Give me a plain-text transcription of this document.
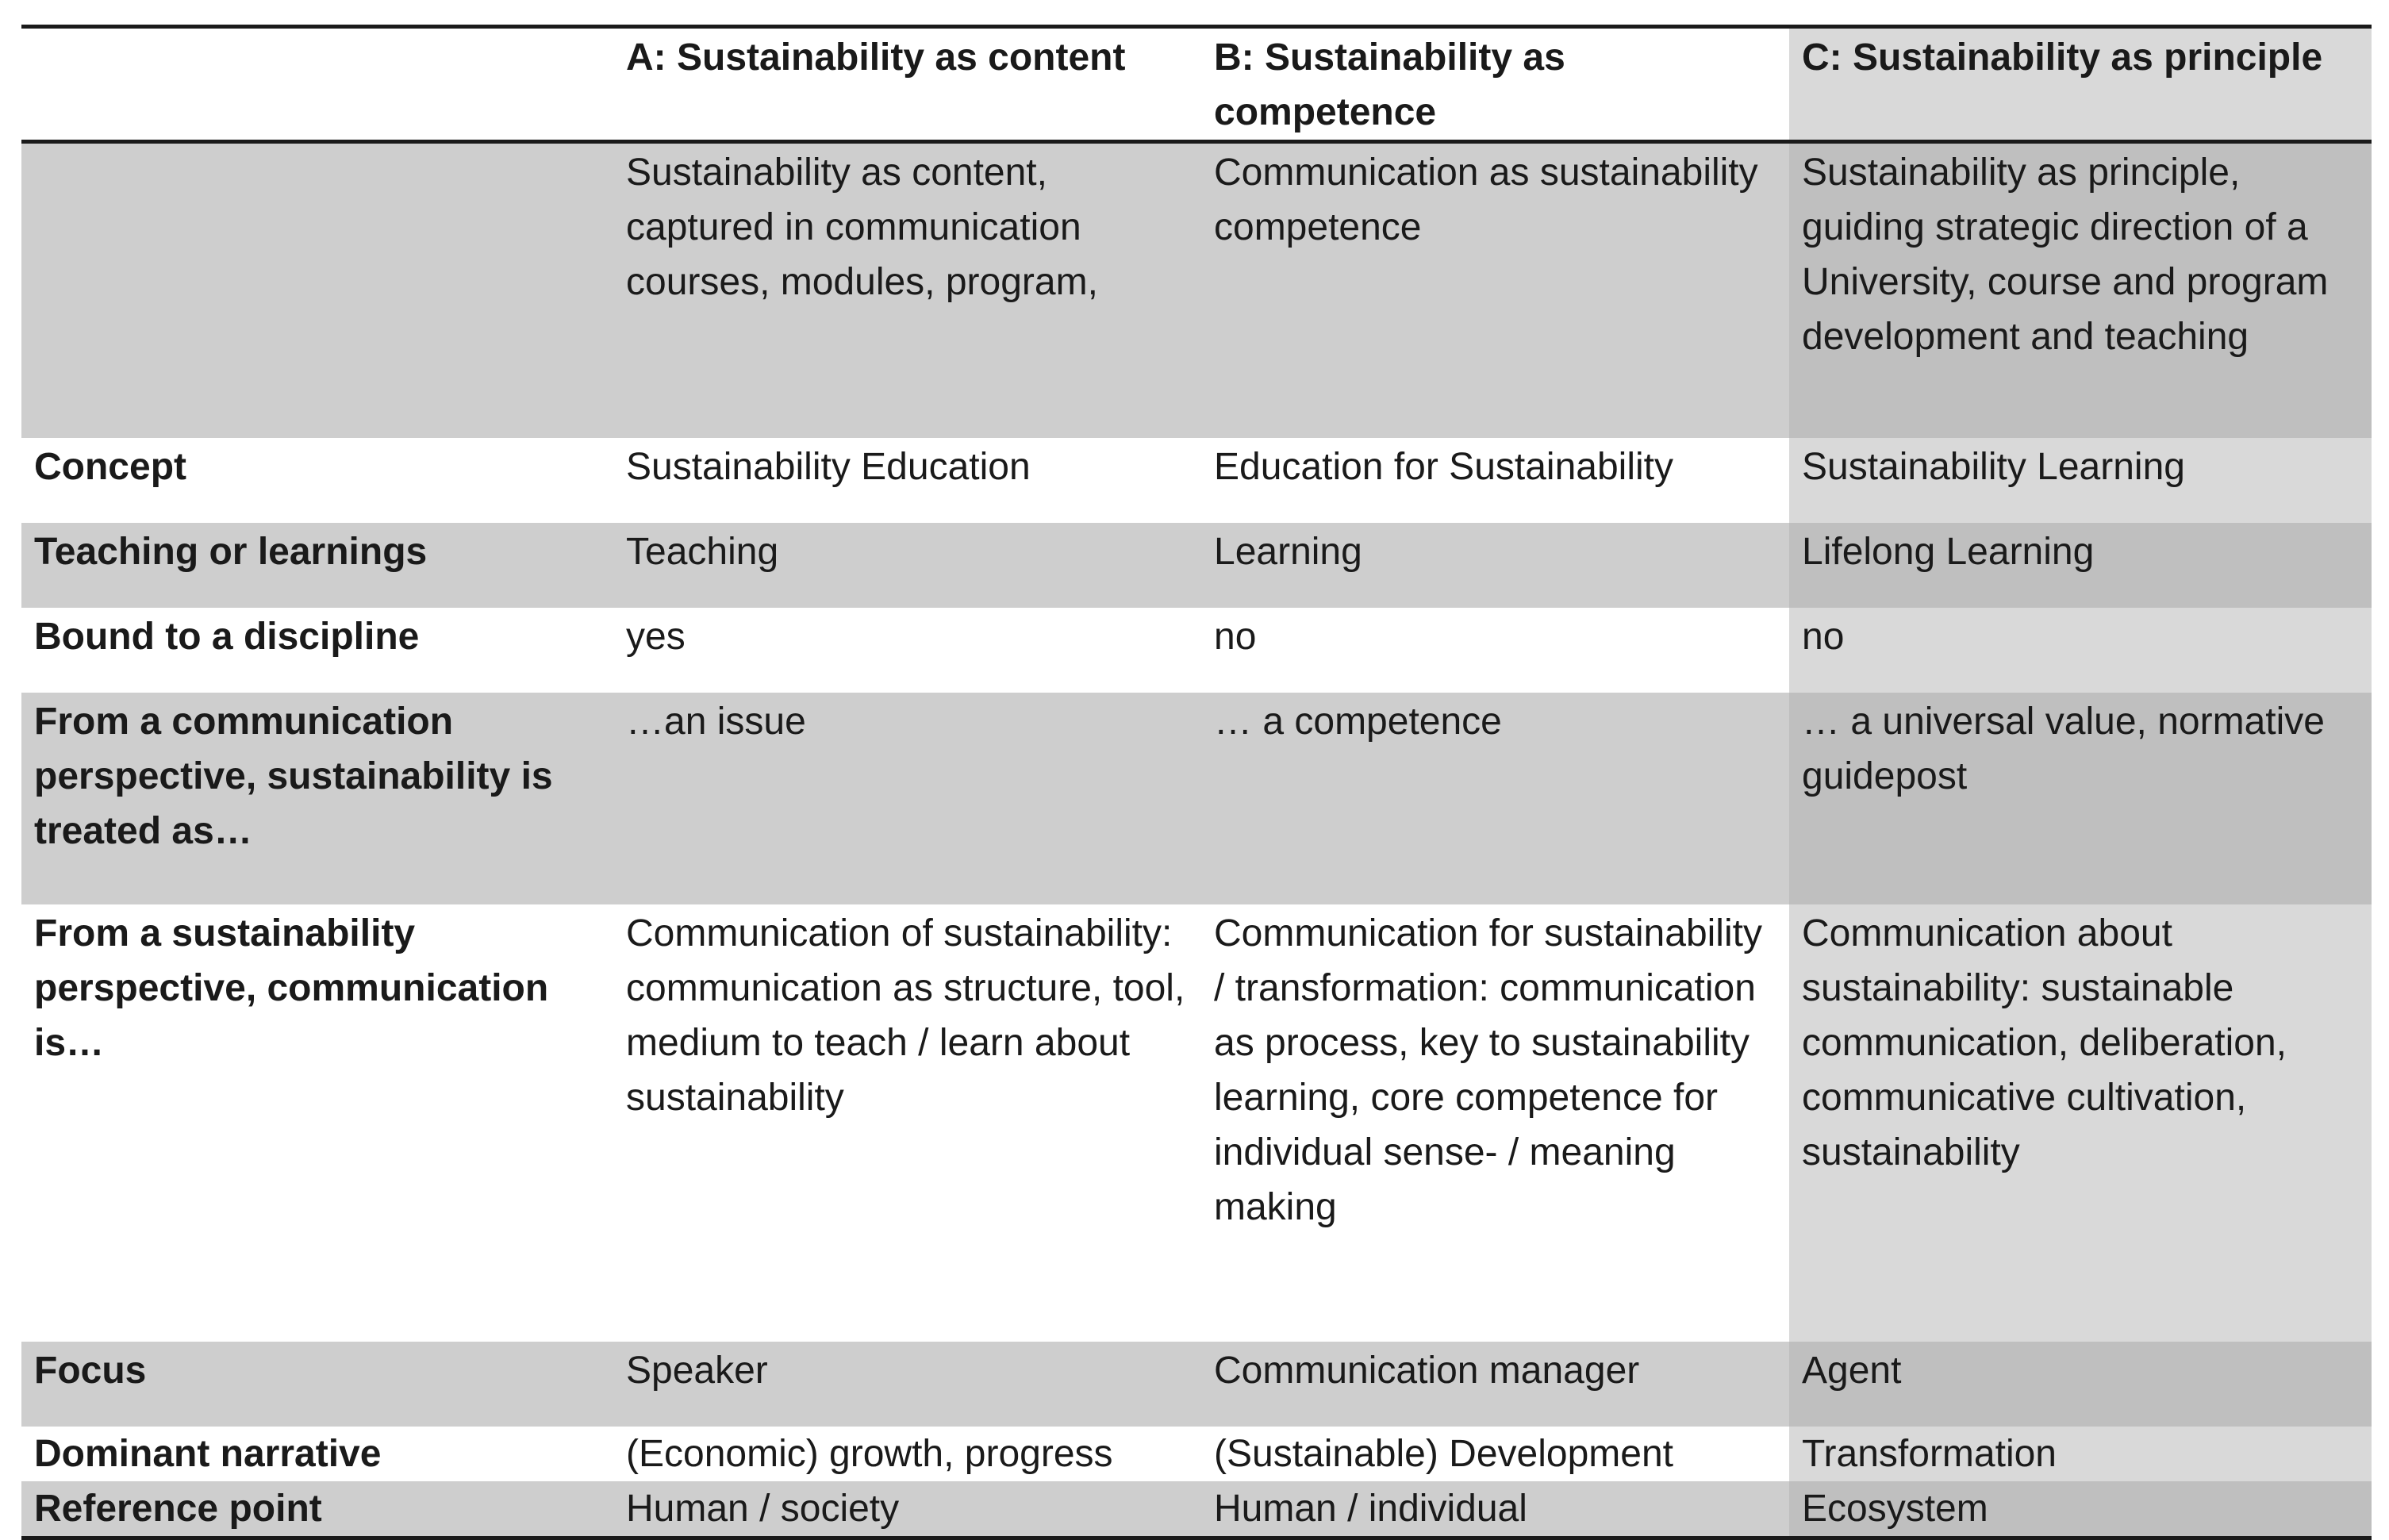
	A: Sustainability as content	B: Sustainability as competence	C: Sustainability as principle
	Sustainability as content, captured in communication courses, modules, program,	Communication as sustainability competence	Sustainability as principle, guiding strategic direction of a University, course and program development and teaching
Concept	Sustainability Education	Education for Sustainability	Sustainability Learning
Teaching or learnings	Teaching	Learning	Lifelong Learning
Bound to a discipline	yes	no	no
From a communication perspective, sustainability is treated as…	…an issue	… a competence	… a universal value, normative guidepost
From a sustainability perspective, communication is…	Communication of sustainability: communication as structure, tool, medium to teach / learn about sustainability	Communication for sustainability / transformation: communication as process, key to sustainability learning, core competence for individual sense- / meaning making	Communication about sustainability: sustainable communication, deliberation, communicative cultivation, sustainability
Focus	Speaker	Communication manager	Agent
Dominant narrative	(Economic) growth, progress	(Sustainable) Development	Transformation
Reference point	Human / society	Human / individual	Ecosystem
